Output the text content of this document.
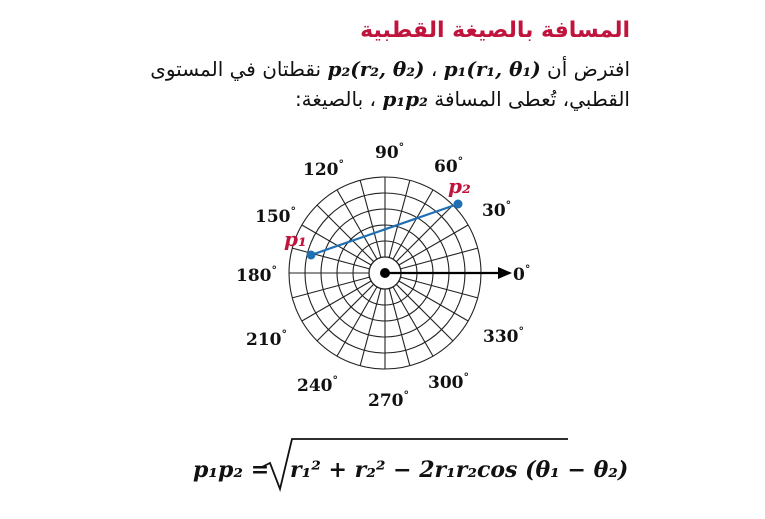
المسافة بالصيغة القطبية
افترض أن p₁(r₁, θ₁) ، p₂(r₂, θ₂) نقطتان في المستوى
القطبي، تُعطى المسافة p₁p₂ ، بالصيغة:
p₁
p₂
0°
30°
60°
90°
120°
150°
180°
210°
240°
270°
300°
330°
p₁p₂ = r₁² + r₂² − 2r₁r₂cos (θ₁ − θ₂)
